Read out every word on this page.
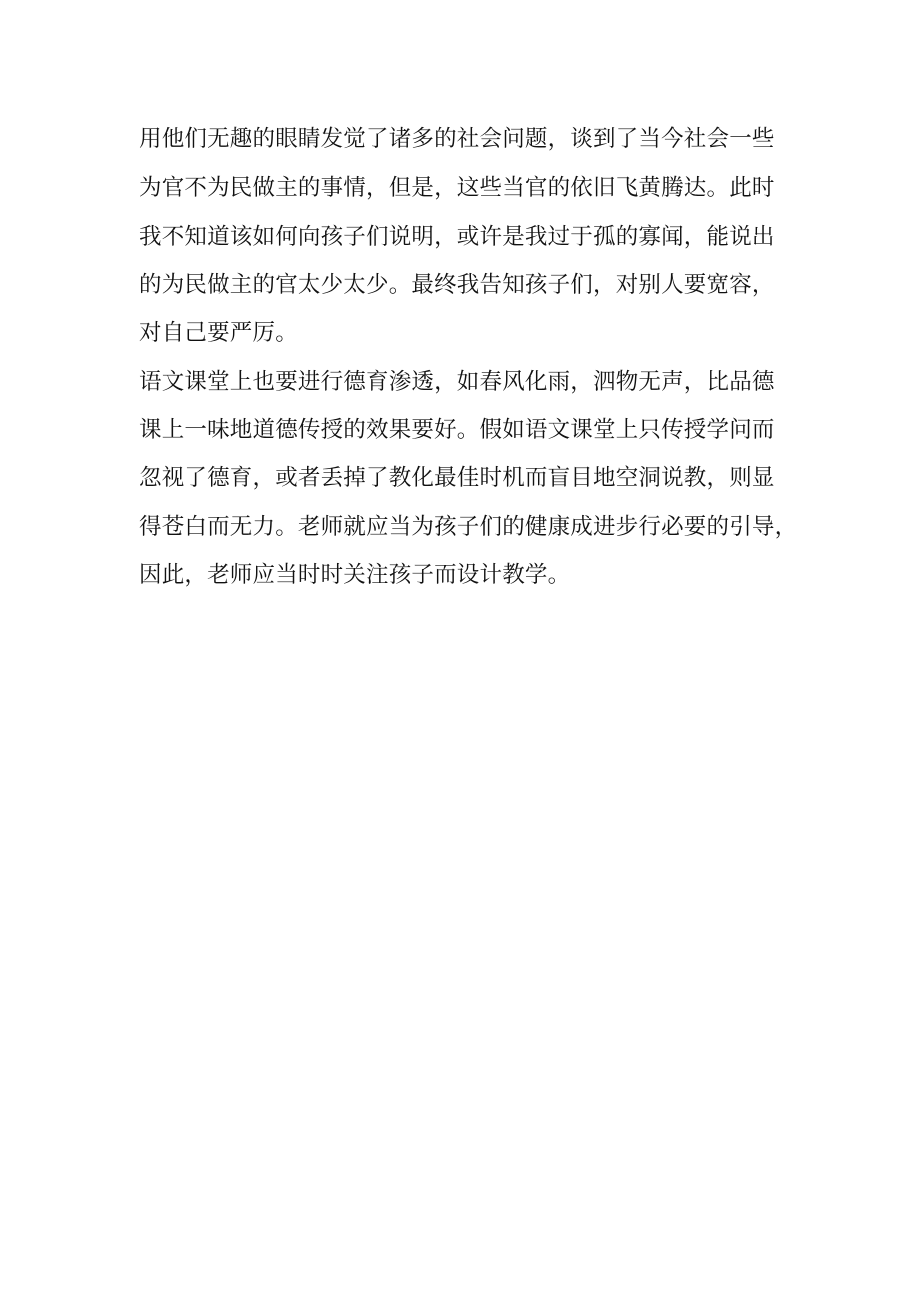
用他们无趣的眼睛发觉了诸多的社会问题，谈到了当今社会一些
为官不为民做主的事情，但是，这些当官的依旧飞黄腾达。此时
我不知道该如何向孩子们说明，或许是我过于孤的寡闻，能说出
的为民做主的官太少太少。最终我告知孩子们，对别人要宽容，
对自己要严厉。
语文课堂上也要进行德育渗透，如春风化雨，泗物无声，比品德
课上一味地道德传授的效果要好。假如语文课堂上只传授学问而
忽视了德育，或者丢掉了教化最佳时机而盲目地空洞说教，则显
得苍白而无力。老师就应当为孩子们的健康成进步行必要的引导，
因此，老师应当时时关注孩子而设计教学。
